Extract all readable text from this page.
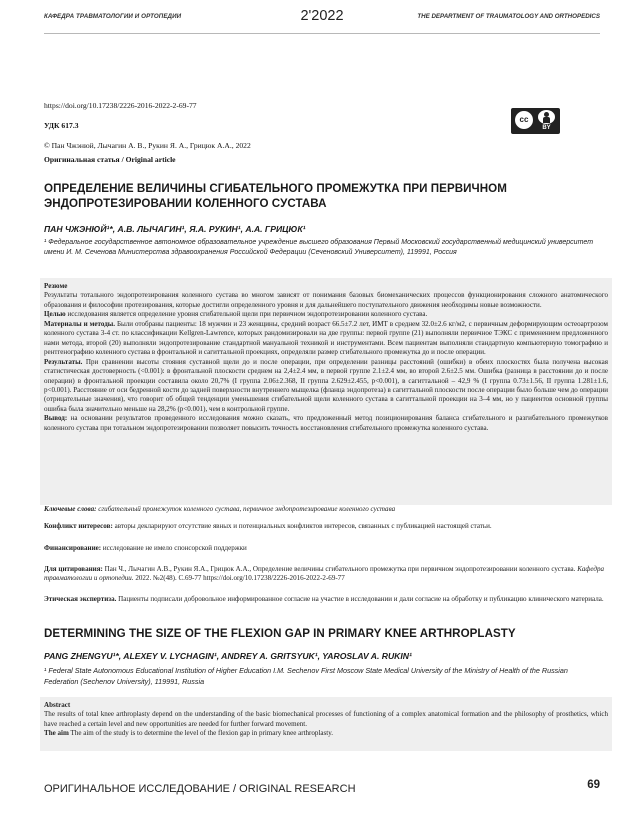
КАФЕДРА ТРАВМАТОЛОГИИ И ОРТОПЕДИИ	2'2022	THE DEPARTMENT OF TRAUMATOLOGY AND ORTHOPEDICS
https://doi.org/10.17238/2226-2016-2022-2-69-77
УДК 617.3
© Пан Чжэнюй, Лычагин А. В., Рукин Я. А., Грицюк А.А., 2022
Оригинальная статья / Original article
cc
BY
ОПРЕДЕЛЕНИЕ ВЕЛИЧИНЫ СГИБАТЕЛЬНОГО ПРОМЕЖУТКА ПРИ ПЕРВИЧНОМ ЭНДОПРОТЕЗИРОВАНИИ КОЛЕННОГО СУСТАВА
ПАН ЧЖЭНЮЙ¹*, А.В. ЛЫЧАГИН¹, Я.А. РУКИН¹, А.А. ГРИЦЮК¹
¹ Федеральное государственное автономное образовательное учреждение высшего образования Первый Московский государственный медицинский университет имени И. М. Сеченова Министерства здравоохранения Российской Федерации (Сеченовский Университет), 119991, Россия

Резюме

Результаты тотального эндопротезирования коленного сустава во многом зависят от понимания базовых биомеханических процессов функционирования сложного анатомического образования и философии протезирования, которые достигли определенного уровня и для дальнейшего поступательного движения необходимы новые возможности.

Целью исследования является определение уровня сгибательной щели при первичном эндопротезировании коленного сустава.

Материалы и методы. Были отобраны пациенты: 18 мужчин и 23 женщины, средний возраст 66.5±7.2 лет, ИМТ в среднем 32.0±2.6 кг/м2, с первичным деформирующим остеоартрозом коленного сустава 3-4 ст. по классификации Kellgren-Lawrence, которых рандомизировали на две группы: первой группе (21) выполняли первичное ТЭКС с применением предложенного нами метода, второй (20) выполняли эндопротезирование стандартной мануальной техникой и инструментами. Всем пациентам выполняли стандартную компьютерную томографию и рентгенографию коленного сустава в фронтальной и сагиттальной проекциях, определяли размер сгибательного промежутка до и после операции.

Результаты. При сравнении высоты стояния суставной щели до и после операции, при определении разницы расстояний (ошибки) в обеих плоскостях была получена высокая статистическая достоверность (<0.001): в фронтальной плоскости среднем на 2,4±2.4 мм, в первой группе 2.1±2.4 мм, во второй 2.6±2.5 мм. Ошибка (разница в расстоянии до и после операции) в фронтальной проекции составила около 20,7% (I группа 2.06±2.368, II группа 2.629±2.455, p<0.001), в сагиттальной – 42,9 % (I группа 0.73±1.56, II группа 1.281±1.6, p<0.001). Расстояние от оси бедренной кости до задней поверхности внутреннего мыщелка (фланца эндопротеза) в сагиттальной плоскости после операции было больше чем до операции (отрицательные значения), что говорит об общей тенденции уменьшения сгибательной щели коленного сустава в сагиттальной проекции на 3–4 мм, но у пациентов основной группы ошибка была значительно меньше на 28,2% (p<0.001), чем в контрольной группе.

Вывод: на основании результатов проведенного исследования можно сказать, что предложенный метод позиционирования баланса сгибательного и разгибательного промежутков коленного сустава при тотальном эндопротезировании позволяет повысить точность восстановления сгибательного промежутка коленного сустава.

Ключевые слова: сгибательный промежуток коленного сустава, первичное эндопротезирование коленного сустава
Конфликт интересов: авторы декларируют отсутствие явных и потенциальных конфликтов интересов, связанных с публикацией настоящей статьи.
Финансирование: исследование не имело спонсорской поддержки
Для цитирования: Пан Ч., Лычагин А.В., Рукин Я.А., Грицюк А.А., Определение величины сгибательного промежутка при первичном эндопротезировании коленного сустава. Кафедра травматологии и ортопедии. 2022. №2(48). С.69-77 https://doi.org/10.17238/2226-2016-2022-2-69-77
Этическая экспертиза. Пациенты подписали добровольное информированное согласие на участие в исследовании и дали согласие на обработку и публикацию клинического материала.
DETERMINING THE SIZE OF THE FLEXION GAP IN PRIMARY KNEE ARTHROPLASTY
PANG ZHENGYU¹*, ALEXEY V. LYCHAGIN¹, ANDREY A. GRITSYUK¹, YAROSLAV A. RUKIN¹
¹ Federal State Autonomous Educational Institution of Higher Education I.M. Sechenov First Moscow State Medical University of the Ministry of Health of the Russian Federation (Sechenov University), 119991, Russia

Abstract

The results of total knee arthroplasty depend on the understanding of the basic biomechanical processes of functioning of a complex anatomical formation and the philosophy of prosthetics, which have reached a certain level and new opportunities are needed for further forward movement.

The aim The aim of the study is to determine the level of the flexion gap in primary knee arthroplasty.

ОРИГИНАЛЬНОЕ ИССЛЕДОВАНИЕ / ORIGINAL RESEARCH	69
